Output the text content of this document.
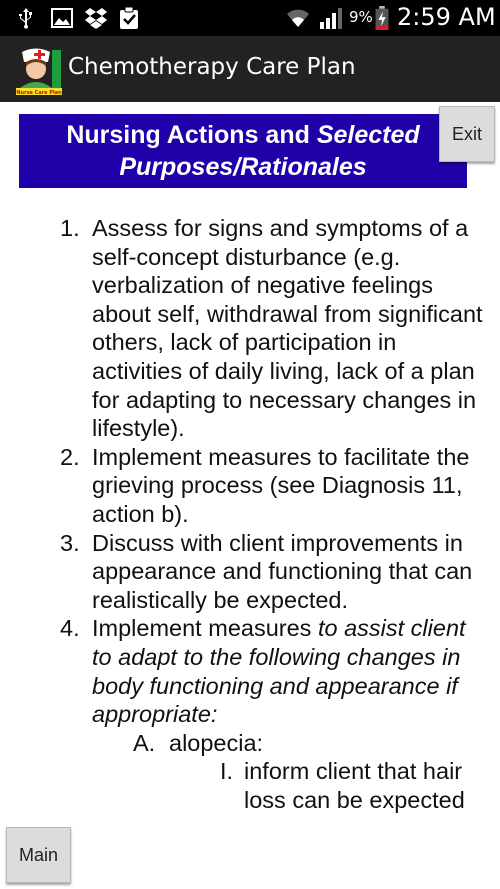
9% 2:59 AM
Nurse Care Plan
Chemotherapy Care Plan
Nursing Actions and Selected
Purposes/Rationales
Exit
1. Assess for signs and symptoms of a self-concept disturbance (e.g. verbalization of negative feelings about self, withdrawal from significant others, lack of participation in activities of daily living, lack of a plan for adapting to necessary changes in lifestyle).
2. Implement measures to facilitate the grieving process (see Diagnosis 11, action b).
3. Discuss with client improvements in appearance and functioning that can realistically be expected.
4. Implement measures to assist client to adapt to the following changes in body functioning and appearance if appropriate:
A. alopecia:
I. inform client that hair loss can be expected
Main
